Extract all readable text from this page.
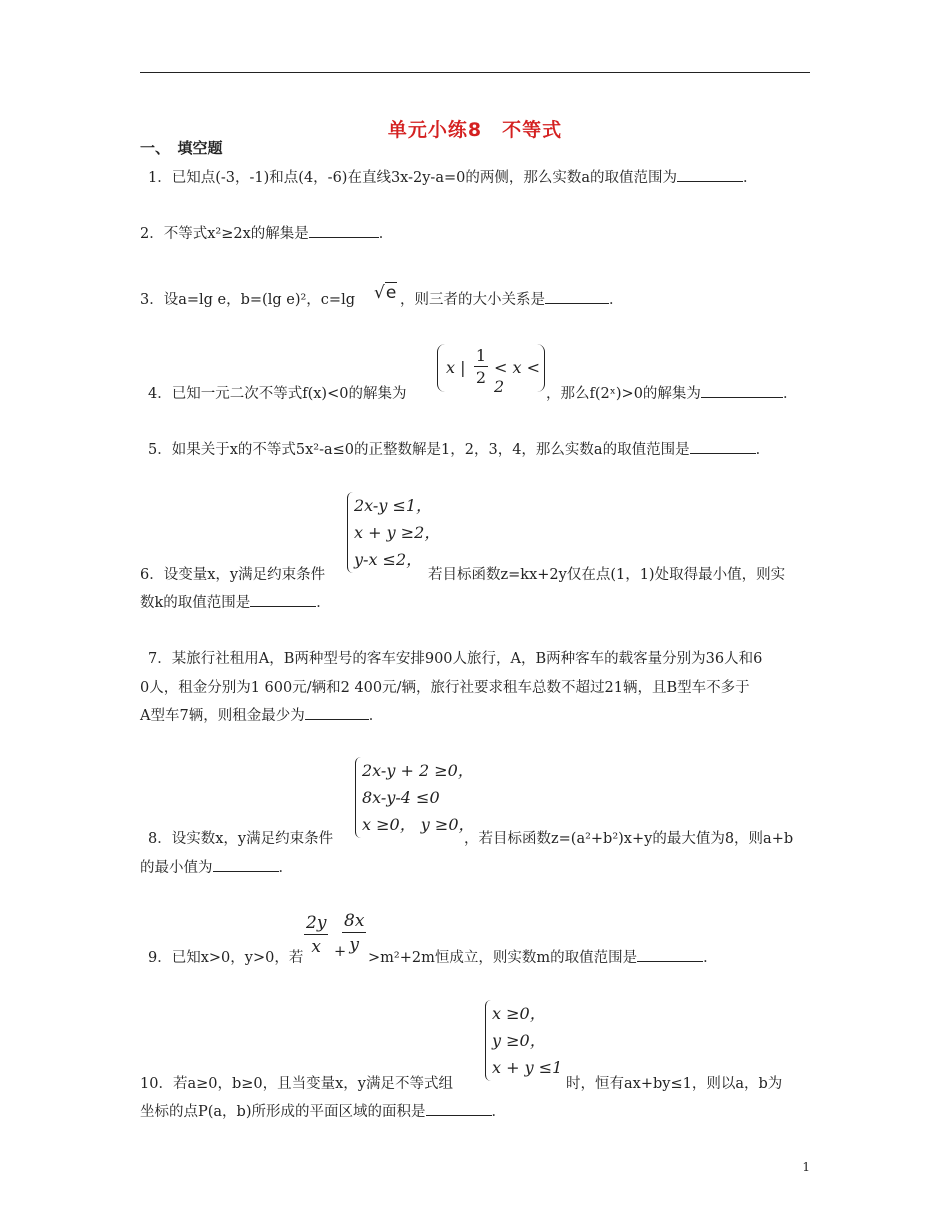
单元小练8　不等式
一、　填空题
1．已知点(-3，-1)和点(4，-6)在直线3x-2y-a=0的两侧，那么实数a的取值范围为	．
2．不等式x²≥2x的解集是	．
3．设a=lg e，b=(lg e)²，c=lg √e ，则三者的大小关系是	．
x | $\frac{1}{2} < x < 2$
4．已知一元二次不等式f(x)<0的解集为	，那么f(2ˣ)>0的解集为	．
5．如果关于x的不等式5x²-a≤0的正整数解是1，2，3，4，那么实数a的取值范围是	．
2x-y ≤1，
x + y ≥2，
y-x ≤2，
6．设变量x，y满足约束条件	若目标函数z=kx+2y仅在点(1，1)处取得最小值，则实
数k的取值范围是	．
7．某旅行社租用A，B两种型号的客车安排900人旅行，A，B两种客车的载客量分别为36人和6
0人，租金分别为1 600元/辆和2 400元/辆，旅行社要求租车总数不超过21辆，且B型车不多于
A型车7辆，则租金最少为	．
2x-y + 2 ≥0，
8x-y-4 ≤0
x ≥0， y ≥0，
8．设实数x，y满足约束条件	，若目标函数z=(a²+b²)x+y的最大值为8，则a+b
的最小值为	．
$\frac{2y}{x}$ +
$\frac{8x}{y}$
9．已知x>0，y>0，若	>m²+2m恒成立，则实数m的取值范围是	．
x ≥0，
y ≥0，
x + y ≤1
10．若a≥0，b≥0，且当变量x，y满足不等式组	时，恒有ax+by≤1，则以a，b为
坐标的点P(a，b)所形成的平面区域的面积是	．
1
